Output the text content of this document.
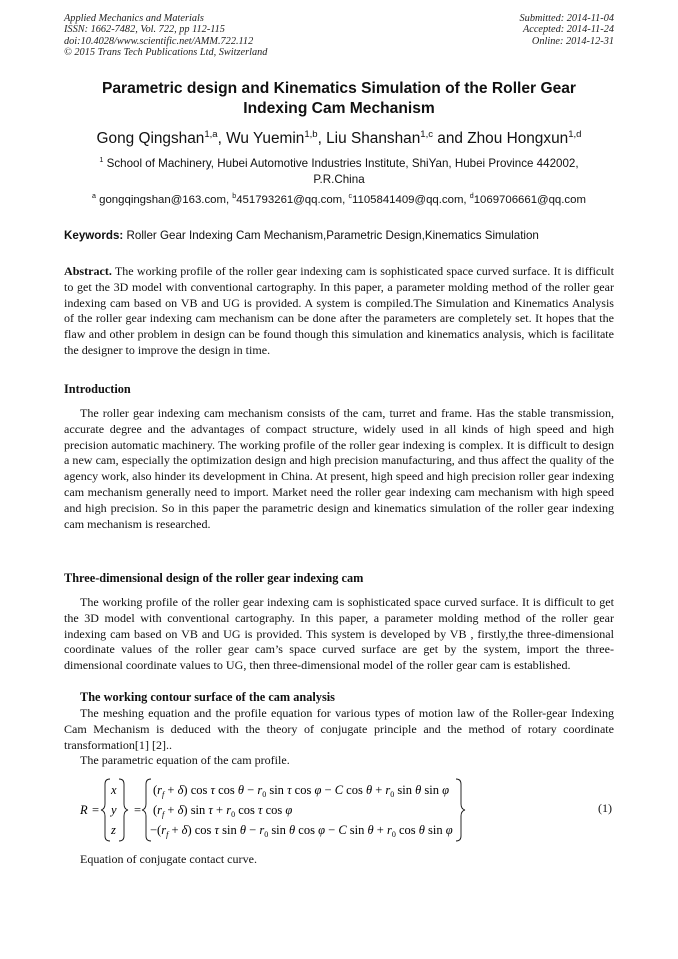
Applied Mechanics and Materials
ISSN: 1662-7482, Vol. 722, pp 112-115
doi:10.4028/www.scientific.net/AMM.722.112
© 2015 Trans Tech Publications Ltd, Switzerland
Submitted: 2014-11-04
Accepted: 2014-11-24
Online: 2014-12-31
Parametric design and Kinematics Simulation of the Roller Gear
Indexing Cam Mechanism
Gong Qingshan$^{1,a}$, Wu Yuemin$^{1,b}$, Liu Shanshan$^{1,c}$ and Zhou Hongxun$^{1,d}$
$^1$ School of Machinery, Hubei Automotive Industries Institute, ShiYan, Hubei Province 442002,
P.R.China
$^a$ gongqingshan@163.com, $^b$451793261@qq.com, $^c$1105841409@qq.com, $^d$1069706661@qq.com
Keywords: Roller Gear Indexing Cam Mechanism,Parametric Design,Kinematics Simulation
Abstract. The working profile of the roller gear indexing cam is sophisticated space curved surface. It is difficult to get the 3D model with conventional cartography. In this paper, a parameter molding method of the roller gear indexing cam based on VB and UG is provided. A system is compiled.The Simulation and Kinematics Analysis of the roller gear indexing cam mechanism can be done after the parameters are completely set. It hopes that the flaw and other problem in design can be found though this simulation and kinematics analysis, which is facilitate the designer to improve the design in time.
Introduction
The roller gear indexing cam mechanism consists of the cam, turret and frame. Has the stable transmission, accurate degree and the advantages of compact structure, widely used in all kinds of high speed and high precision automatic machinery. The working profile of the roller gear indexing is complex. It is difficult to design a new cam, especially the optimization design and high precision manufacturing, and thus affect the quality of the agency work, also hinder its development in China. At present, high speed and high precision roller gear indexing cam mechanism generally need to import. Market need the roller gear indexing cam mechanism with high speed and high precision. So in this paper the parametric design and kinematics simulation of the roller gear indexing cam mechanism is researched.
Three-dimensional design of the roller gear indexing cam
The working profile of the roller gear indexing cam is sophisticated space curved surface. It is difficult to get the 3D model with conventional cartography. In this paper, a parameter molding method of the roller gear indexing cam based on VB and UG is provided. This system is developed by VB , firstly,the three-dimensional coordinate values of the roller gear cam’s space curved surface are get by the system, import the three-dimensional coordinate values to UG, then three-dimensional model of the roller gear cam is established.
The working contour surface of the cam analysis
The meshing equation and the profile equation for various types of motion law of the Roller-gear Indexing Cam Mechanism is deduced with the theory of conjugate principle and the method of rotary coordinate transformation[1] [2]..
The parametric equation of the cam profile.
R =
x
y
z
=
$(r_f + \delta)$ cos τ $\cos \theta - r_0$ sin τ cos φ − C $\cos \theta + r_0$ sin θ sin φ
$(r_f + \delta)$ $\sin \tau + r_0$ cos τ cos φ
$-(r_f + \delta)$ cos τ $\sin \theta - r_0$ sin θ cos φ − C $\sin \theta + r_0$ cos θ sin φ
(1)
Equation of conjugate contact curve.
